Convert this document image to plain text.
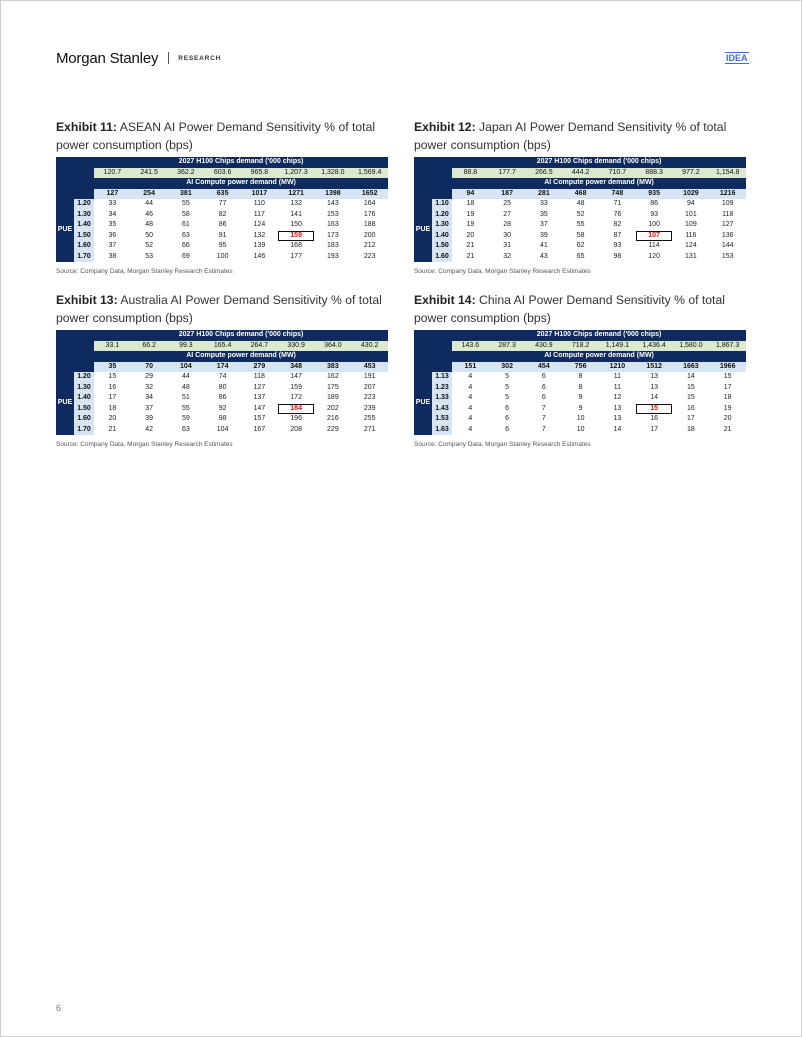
Morgan Stanley	RESEARCH	IDEA

Exhibit 11: ASEAN AI Power Demand Sensitivity % of total power consumption (bps)

		2027 H100 Chips demand ('000 chips)							
		120.7	241.5	362.2	603.6	965.8	1,207.3	1,328.0	1,569.4
		AI Compute power demand (MW)							
		127	254	381	635	1017	1271	1398	1652
PUE	1.20	33	44	55	77	110	132	143	164
	1.30	34	46	58	82	117	141	153	176
	1.40	35	48	61	86	124	150	163	188
	1.50	36	50	63	91	132	159	173	200
	1.60	37	52	66	95	139	168	183	212
	1.70	38	53	69	100	146	177	193	223
Source: Company Data, Morgan Stanley Research Estimates

Exhibit 12: Japan AI Power Demand Sensitivity % of total power consumption (bps)

		2027 H100 Chips demand ('000 chips)							
		88.8	177.7	266.5	444.2	710.7	888.3	977.2	1,154.8
		AI Compute power demand (MW)							
		94	187	281	468	748	935	1029	1216
PUE	1.10	18	25	33	48	71	86	94	109
	1.20	19	27	35	52	76	93	101	118
	1.30	19	28	37	55	82	100	109	127
	1.40	20	30	39	58	87	107	116	136
	1.50	21	31	41	62	93	114	124	144
	1.60	21	32	43	65	98	120	131	153
Source: Company Data, Morgan Stanley Research Estimates

Exhibit 13: Australia AI Power Demand Sensitivity % of total power consumption (bps)

		2027 H100 Chips demand ('000 chips)							
		33.1	66.2	99.3	165.4	264.7	330.9	364.0	430.2
		AI Compute power demand (MW)							
		35	70	104	174	279	348	383	453
PUE	1.20	15	29	44	74	118	147	162	191
	1.30	16	32	48	80	127	159	175	207
	1.40	17	34	51	86	137	172	189	223
	1.50	18	37	55	92	147	184	202	239
	1.60	20	39	59	98	157	196	216	255
	1.70	21	42	63	104	167	208	229	271
Source: Company Data, Morgan Stanley Research Estimates

Exhibit 14: China AI Power Demand Sensitivity % of total power consumption (bps)

		2027 H100 Chips demand ('000 chips)							
		143.6	287.3	430.9	718.2	1,149.1	1,436.4	1,580.0	1,867.3
		AI Compute power demand (MW)							
		151	302	454	756	1210	1512	1663	1966
PUE	1.13	4	5	6	8	11	13	14	15
	1.23	4	5	6	8	11	13	15	17
	1.33	4	5	6	9	12	14	15	18
	1.43	4	6	7	9	13	15	16	19
	1.53	4	6	7	10	13	16	17	20
	1.63	4	6	7	10	14	17	18	21
Source: Company Data, Morgan Stanley Research Estimates
6
